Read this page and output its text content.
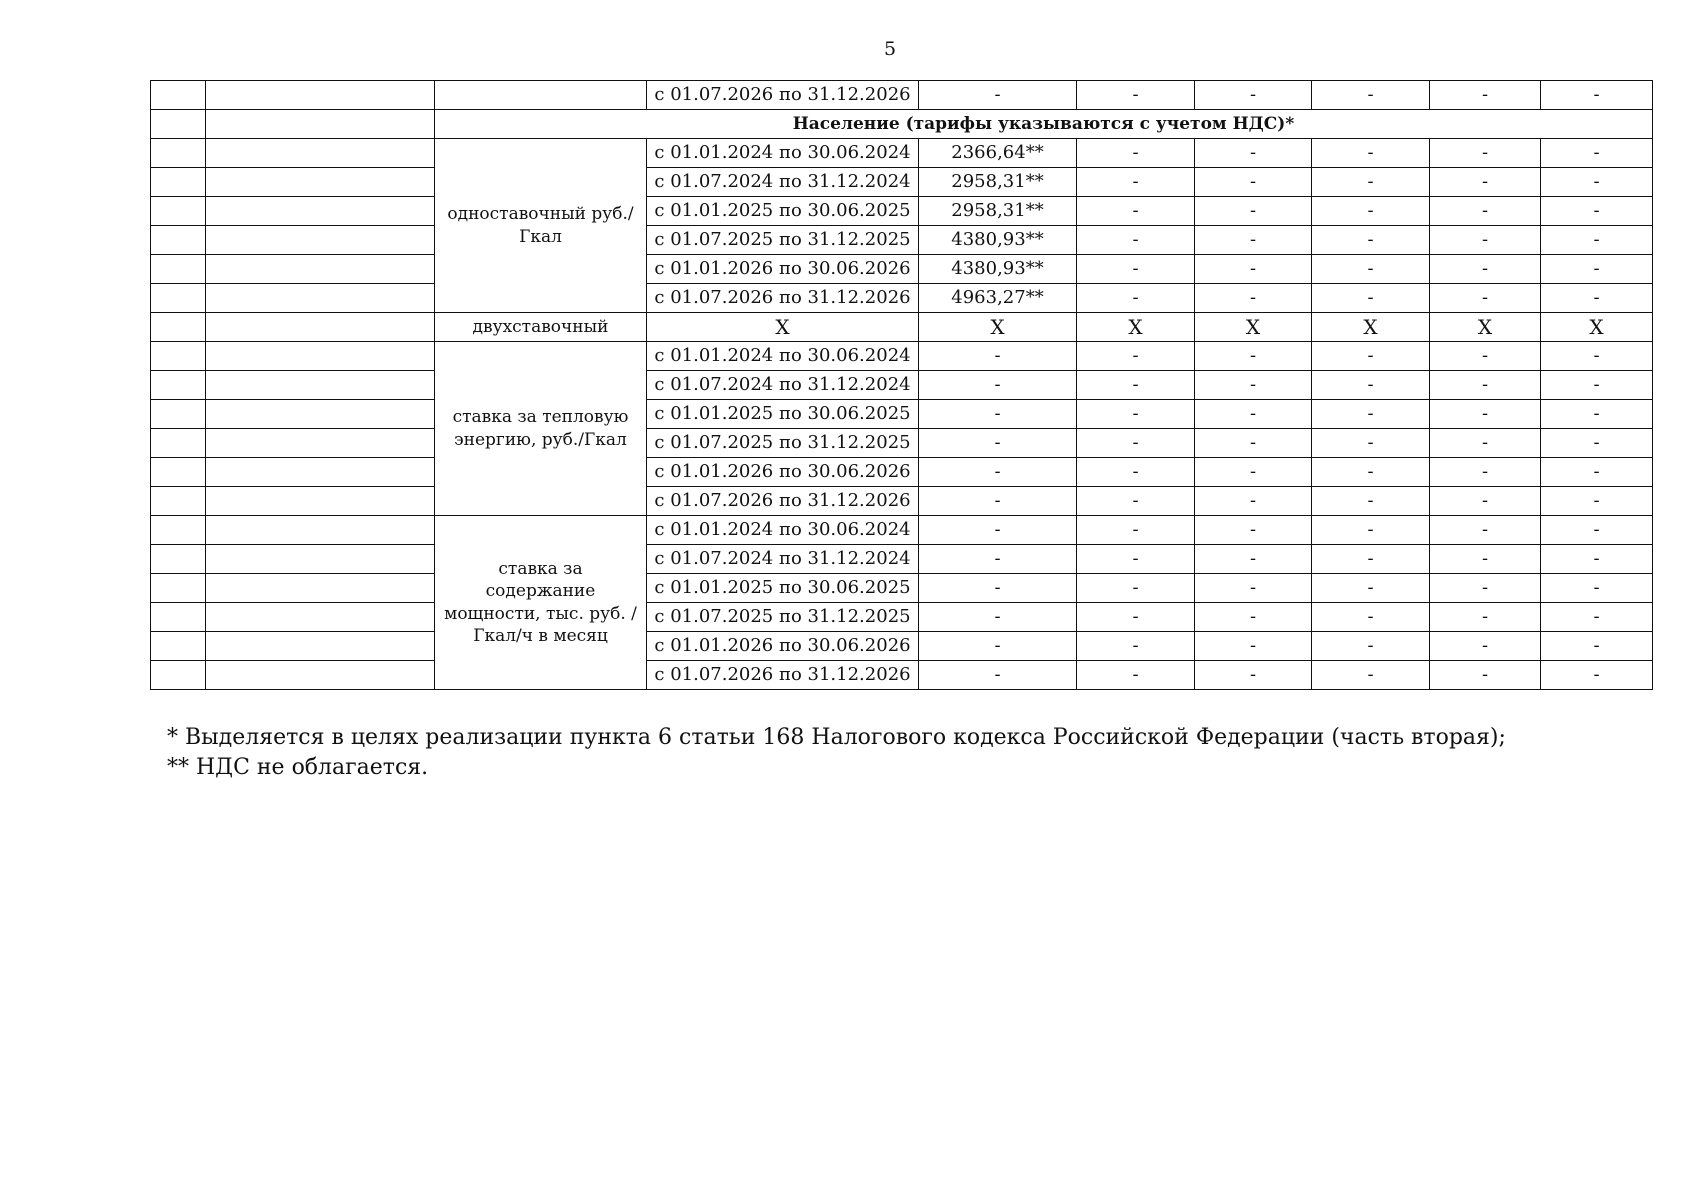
5
			с 01.07.2026 по 31.12.2026	-	-	-	-	-	-
		Население (тарифы указываются с учетом НДС)*							
		одноставочный руб./Гкал	с 01.01.2024 по 30.06.2024	2366,64**	-	-	-	-	-
			с 01.07.2024 по 31.12.2024	2958,31**	-	-	-	-	-
			с 01.01.2025 по 30.06.2025	2958,31**	-	-	-	-	-
			с 01.07.2025 по 31.12.2025	4380,93**	-	-	-	-	-
			с 01.01.2026 по 30.06.2026	4380,93**	-	-	-	-	-
			с 01.07.2026 по 31.12.2026	4963,27**	-	-	-	-	-
		двухставочный	Х	Х	Х	Х	Х	Х	Х
		ставка за тепловую энергию, руб./Гкал	с 01.01.2024 по 30.06.2024	-	-	-	-	-	-
			с 01.07.2024 по 31.12.2024	-	-	-	-	-	-
			с 01.01.2025 по 30.06.2025	-	-	-	-	-	-
			с 01.07.2025 по 31.12.2025	-	-	-	-	-	-
			с 01.01.2026 по 30.06.2026	-	-	-	-	-	-
			с 01.07.2026 по 31.12.2026	-	-	-	-	-	-
		ставка за содержание мощности, тыс. руб. /Гкал/ч в месяц	с 01.01.2024 по 30.06.2024	-	-	-	-	-	-
			с 01.07.2024 по 31.12.2024	-	-	-	-	-	-
			с 01.01.2025 по 30.06.2025	-	-	-	-	-	-
			с 01.07.2025 по 31.12.2025	-	-	-	-	-	-
			с 01.01.2026 по 30.06.2026	-	-	-	-	-	-
			с 01.07.2026 по 31.12.2026	-	-	-	-	-	-
* Выделяется в целях реализации пункта 6 статьи 168 Налогового кодекса Российской Федерации (часть вторая);
** НДС не облагается.
